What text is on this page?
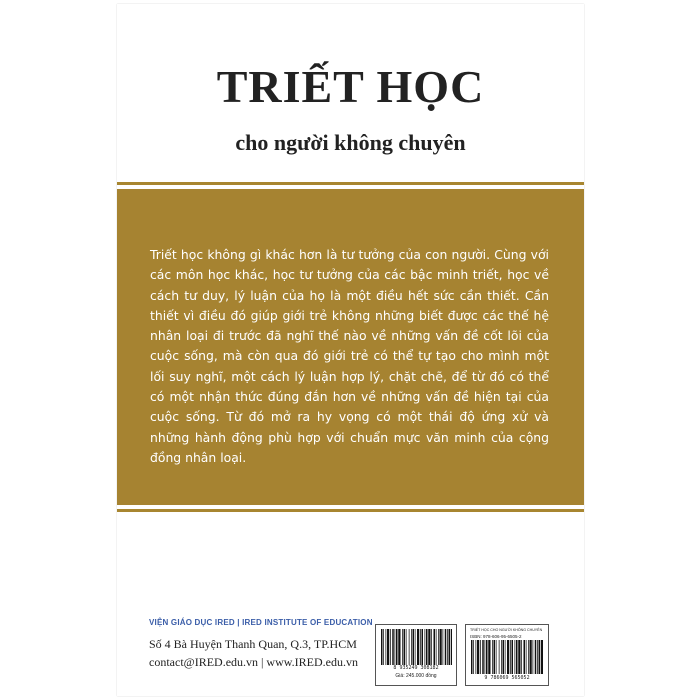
TRIẾT HỌC
cho người không chuyên

Triết học không gì khác hơn là tư tưởng của con người. Cùng với các môn học khác, học tư tưởng của các bậc minh triết, học về cách tư duy, lý luận của họ là một điều hết sức cần thiết. Cần thiết vì điều đó giúp giới trẻ không những biết được các thế hệ nhân loại đi trước đã nghĩ thế nào về những vấn đề cốt lõi của cuộc sống, mà còn qua đó giới trẻ có thể tự tạo cho mình một lối suy nghĩ, một cách lý luận hợp lý, chặt chẽ, để từ đó có thể có một nhận thức đúng đắn hơn về những vấn đề hiện tại của cuộc sống. Từ đó mở ra hy vọng có một thái độ ứng xử và những hành động phù hợp với chuẩn mực văn minh của cộng đồng nhân loại.

VIỆN GIÁO DỤC IRED | IRED INSTITUTE OF EDUCATION
Số 4 Bà Huyện Thanh Quan, Q.3, TP.HCM
contact@IRED.edu.vn | www.IRED.edu.vn	8 935249 308182
Giá: 245.000 đồng
TRIẾT HỌC CHO NGƯỜI KHÔNG CHUYÊN
ISBN: 978-606-95-6505-2
9 786069 565052
